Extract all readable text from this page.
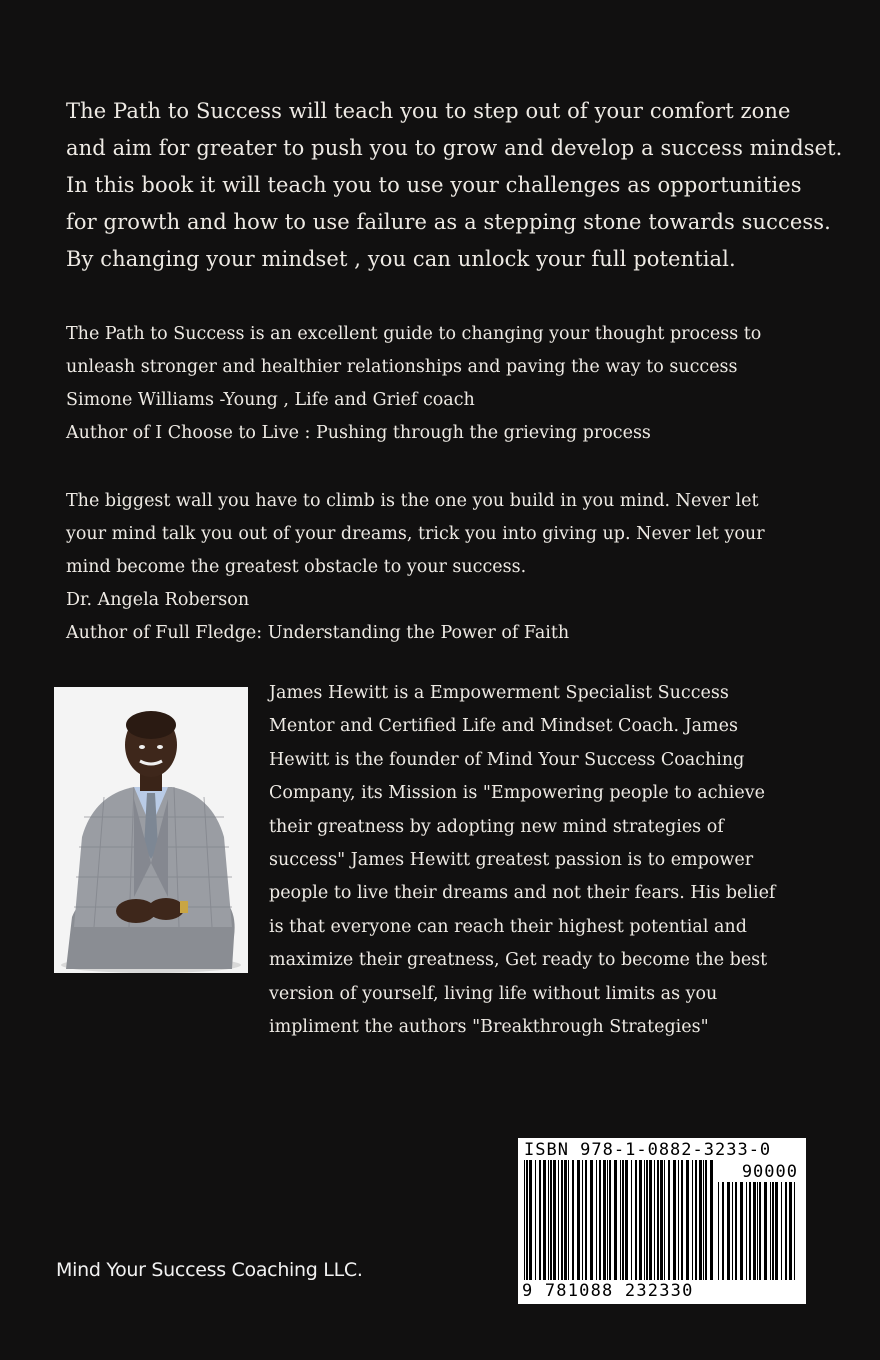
The Path to Success will teach you to step out of your comfort zone
and aim for greater to push you to grow and develop a success mindset.
In this book it will teach you to use your challenges as opportunities
for growth and how to use failure as a stepping stone towards success.
By changing your mindset , you can unlock your full potential.
The Path to Success is an excellent guide to changing your thought process to
unleash stronger and healthier relationships and paving the way to success
Simone Williams -Young , Life and Grief coach
Author of I Choose to Live : Pushing through the grieving process
The biggest wall you have to climb is the one you build in you mind. Never let
your mind talk you out of your dreams, trick you into giving up. Never let your
mind become the greatest obstacle to your success.
Dr. Angela Roberson
Author of Full Fledge: Understanding the Power of Faith
James Hewitt is a Empowerment Specialist Success
Mentor and Certified Life and Mindset Coach. James
Hewitt is the founder of Mind Your Success Coaching
Company, its Mission is "Empowering people to achieve
their greatness by adopting new mind strategies of
success" James Hewitt greatest passion is to empower
people to live their dreams and not their fears. His belief
is that everyone can reach their highest potential and
maximize their greatness, Get ready to become the best
version of yourself, living life without limits as you
impliment the authors "Breakthrough Strategies"
Mind Your Success Coaching LLC.
ISBN 978-1-0882-3233-0
90000
9 781088 232330
